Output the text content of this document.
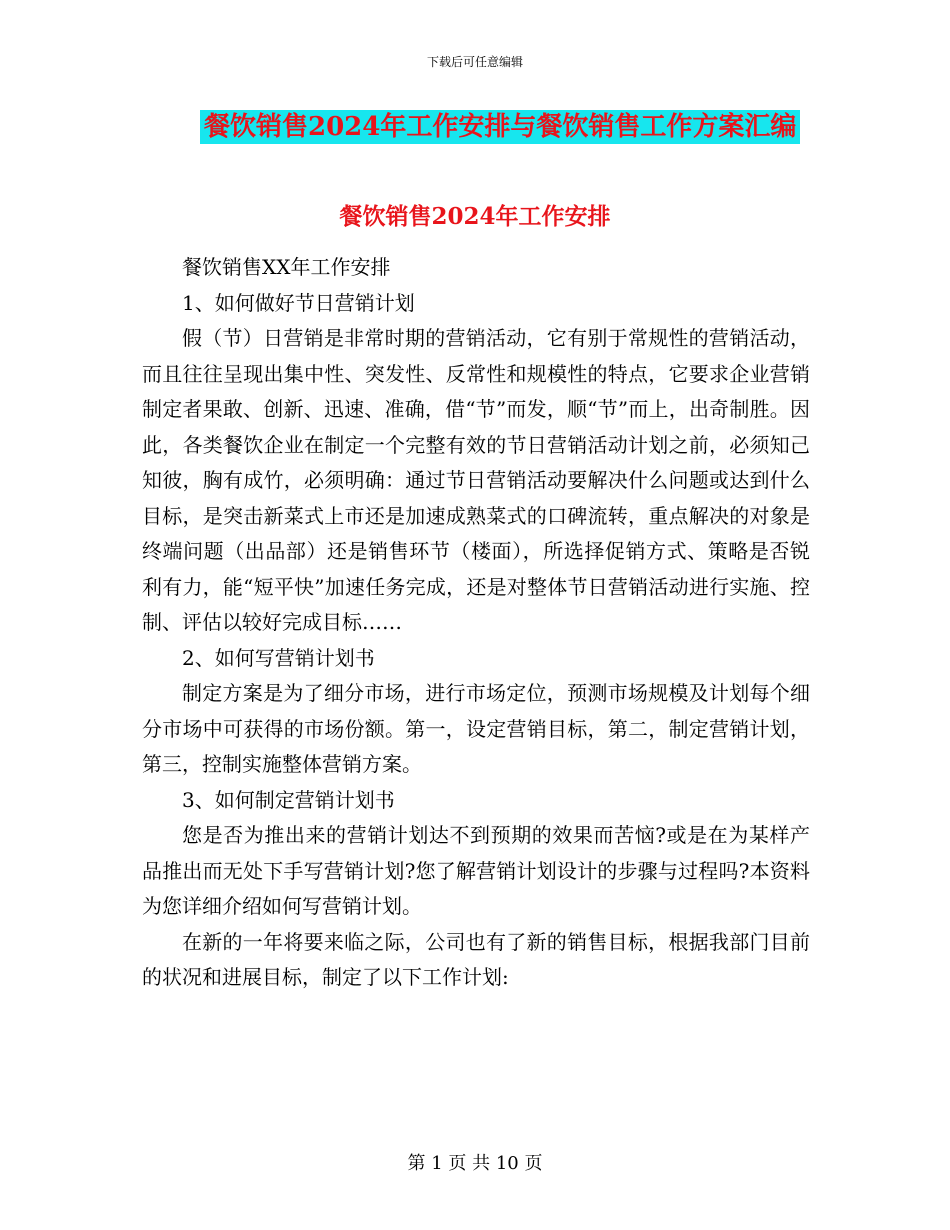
下载后可任意编辑
餐饮销售2024年工作安排与餐饮销售工作方案汇编
餐饮销售2024年工作安排

餐饮销售XX年工作安排

1、如何做好节日营销计划

假（节）日营销是非常时期的营销活动，它有别于常规性的营销活动，而且往往呈现出集中性、突发性、反常性和规模性的特点，它要求企业营销制定者果敢、创新、迅速、准确，借“节”而发，顺“节”而上，出奇制胜。因此，各类餐饮企业在制定一个完整有效的节日营销活动计划之前，必须知己知彼，胸有成竹，必须明确：通过节日营销活动要解决什么问题或达到什么目标，是突击新菜式上市还是加速成熟菜式的口碑流转，重点解决的对象是终端问题（出品部）还是销售环节（楼面），所选择促销方式、策略是否锐利有力，能“短平快”加速任务完成，还是对整体节日营销活动进行实施、控制、评估以较好完成目标……

2、如何写营销计划书

制定方案是为了细分市场，进行市场定位，预测市场规模及计划每个细分市场中可获得的市场份额。第一，设定营销目标，第二，制定营销计划，第三，控制实施整体营销方案。

3、如何制定营销计划书

您是否为推出来的营销计划达不到预期的效果而苦恼?或是在为某样产品推出而无处下手写营销计划?您了解营销计划设计的步骤与过程吗?本资料为您详细介绍如何写营销计划。

在新的一年将要来临之际，公司也有了新的销售目标，根据我部门目前的状况和进展目标，制定了以下工作计划:

第 1 页 共 10 页
